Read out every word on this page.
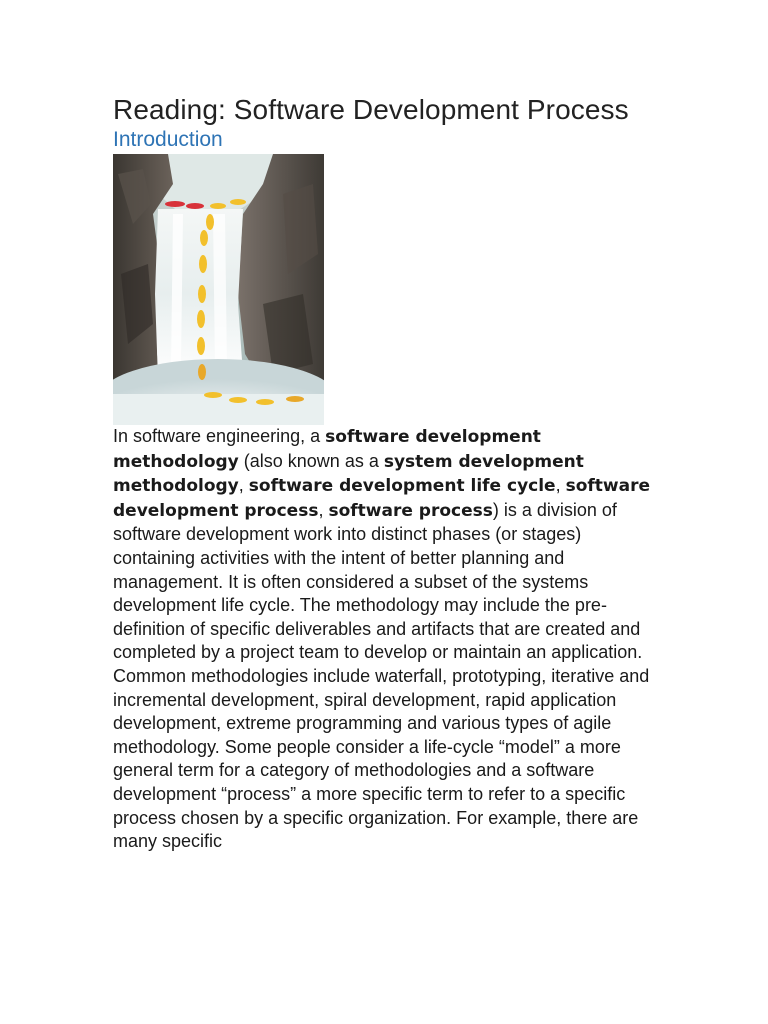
Reading: Software Development Process
Introduction

In software engineering, a software development methodology (also known as a system development methodology, software development life cycle, software development process, software process) is a division of software development work into distinct phases (or stages) containing activities with the intent of better planning and management. It is often considered a subset of the systems development life cycle. The methodology may include the pre-definition of specific deliverables and artifacts that are created and completed by a project team to develop or maintain an application.

Common methodologies include waterfall, prototyping, iterative and incremental development, spiral development, rapid application development, extreme programming and various types of agile methodology. Some people consider a life-cycle “model” a more general term for a category of methodologies and a software development “process” a more specific term to refer to a specific process chosen by a specific organization. For example, there are many specific
